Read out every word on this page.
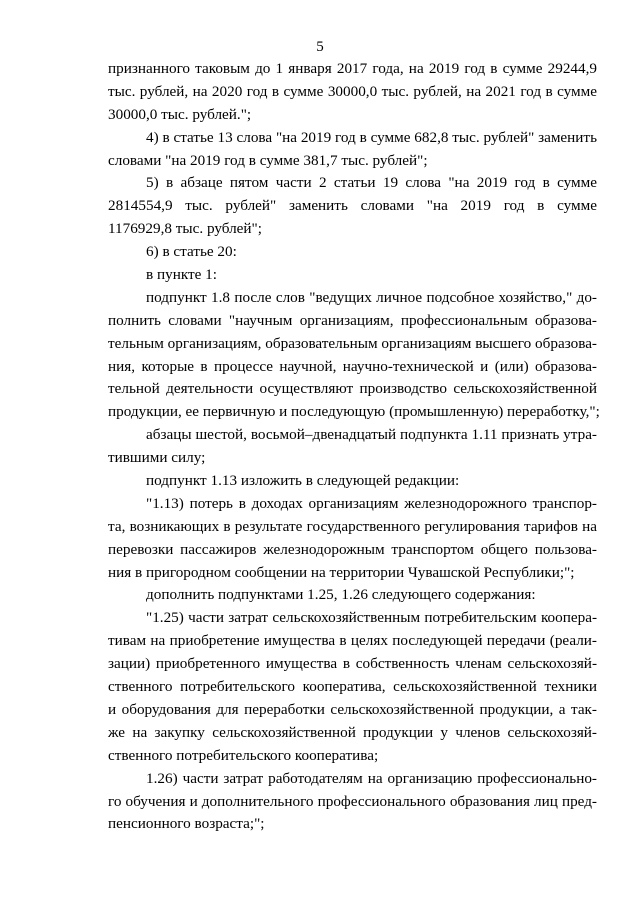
5
признанного таковым до 1 января 2017 года, на 2019 год в сумме 29244,9
тыс. рублей, на 2020 год в сумме 30000,0 тыс. рублей, на 2021 год в сумме
30000,0 тыс. рублей.";
4) в статье 13 слова "на 2019 год в сумме 682,8 тыс. рублей" заменить
словами "на 2019 год в сумме 381,7 тыс. рублей";
5) в абзаце пятом части 2 статьи 19 слова "на 2019 год в сумме
2814554,9 тыс. рублей" заменить словами "на 2019 год в сумме
1176929,8 тыс. рублей";
6) в статье 20:
в пункте 1:
подпункт 1.8 после слов "ведущих личное подсобное хозяйство," до-
полнить словами "научным организациям, профессиональным образова-
тельным организациям, образовательным организациям высшего образова-
ния, которые в процессе научной, научно-технической и (или) образова-
тельной деятельности осуществляют производство сельскохозяйственной
продукции, ее первичную и последующую (промышленную) переработку,";
абзацы шестой, восьмой–двенадцатый подпункта 1.11 признать утра-
тившими силу;
подпункт 1.13 изложить в следующей редакции:
"1.13) потерь в доходах организациям железнодорожного транспор-
та, возникающих в результате государственного регулирования тарифов на
перевозки пассажиров железнодорожным транспортом общего пользова-
ния в пригородном сообщении на территории Чувашской Республики;";
дополнить подпунктами 1.25, 1.26 следующего содержания:
"1.25) части затрат сельскохозяйственным потребительским коопера-
тивам на приобретение имущества в целях последующей передачи (реали-
зации) приобретенного имущества в собственность членам сельскохозяй-
ственного потребительского кооператива, сельскохозяйственной техники
и оборудования для переработки сельскохозяйственной продукции, а так-
же на закупку сельскохозяйственной продукции у членов сельскохозяй-
ственного потребительского кооператива;
1.26) части затрат работодателям на организацию профессионально-
го обучения и дополнительного профессионального образования лиц пред-
пенсионного возраста;";
